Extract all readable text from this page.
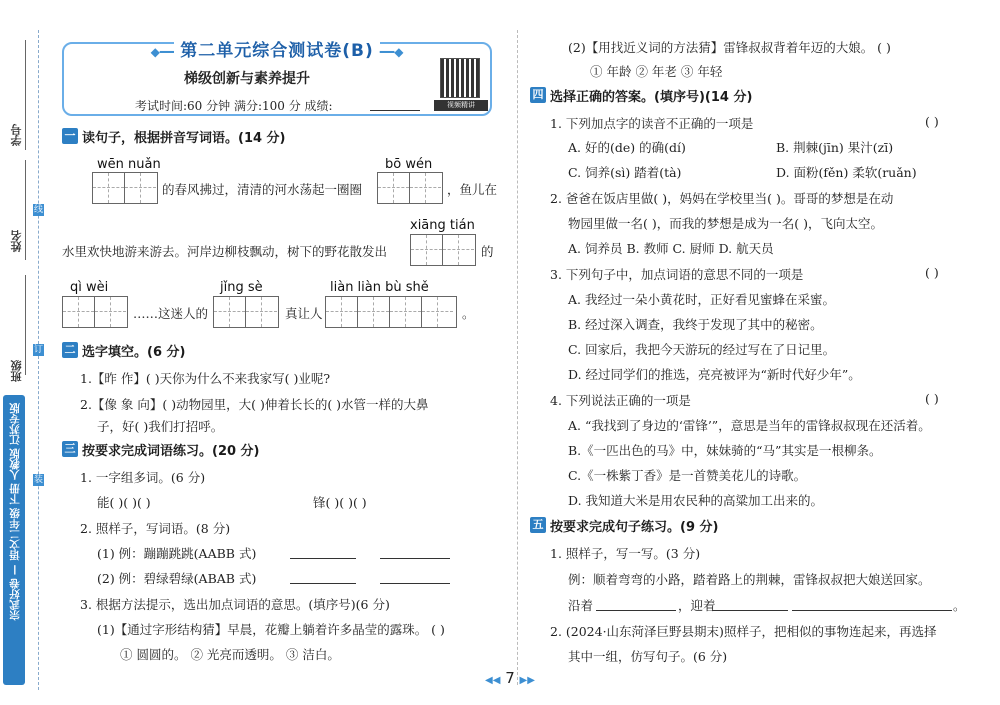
学号
姓名
班级
线
订
装
宗武好卷 — 语文二年级 下册 人教版 江苏专版
◆━━ 第二单元综合测试卷(B) ━━◆
梯级创新与素养提升
考试时间:60 分钟 满分:100 分 成绩:	视频精讲
一 读句子，根据拼音写词语。(14 分)
wēn nuǎn
的春风拂过，清清的河水荡起一圈圈
bō wén
，鱼儿在
xiāng tián
水里欢快地游来游去。河岸边柳枝飘动，树下的野花散发出	的
qì wèi
……这迷人的
jǐng sè
真让人
liàn liàn bù shě
。
二 选字填空。(6 分)
1.【昨 作】( )天你为什么不来我家写( )业呢?
2.【像 象 向】( )动物园里，大( )伸着长长的( )水管一样的大鼻
子，好( )我们打招呼。
三 按要求完成词语练习。(20 分)
1. 一字组多词。(6 分)
能( )( )( )	锋( )( )( )
2. 照样子，写词语。(8 分)
(1) 例：蹦蹦跳跳(AABB 式)
(2) 例：碧绿碧绿(ABAB 式)
3. 根据方法提示，选出加点词语的意思。(填序号)(6 分)
(1)【通过字形结构猜】早晨，花瓣上躺着许多晶莹的露珠。 ( )
① 圆圆的。 ② 光亮而透明。 ③ 洁白。
(2)【用找近义词的方法猜】雷锋叔叔背着年迈的大娘。 ( )
① 年龄 ② 年老 ③ 年轻
四 选择正确的答案。(填序号)(14 分)
1. 下列加点字的读音不正确的一项是	( )
A. 好的(de) 的确(dí)	B. 荆棘(jīn) 果汁(zī)
C. 饲养(sì) 踏着(tà)	D. 面粉(fěn) 柔软(ruǎn)
2. 爸爸在饭店里做( )，妈妈在学校里当( )。哥哥的梦想是在动
物园里做一名( )，而我的梦想是成为一名( )，飞向太空。
A. 饲养员 B. 教师 C. 厨师 D. 航天员
3. 下列句子中，加点词语的意思不同的一项是	( )
A. 我经过一朵小黄花时，正好看见蜜蜂在采蜜。
B. 经过深入调查，我终于发现了其中的秘密。
C. 回家后，我把今天游玩的经过写在了日记里。
D. 经过同学们的推选，亮亮被评为“新时代好少年”。
4. 下列说法正确的一项是	( )
A. “我找到了身边的‘雷锋’”，意思是当年的雷锋叔叔现在还活着。
B.《一匹出色的马》中，妹妹骑的“马”其实是一根柳条。
C.《一株紫丁香》是一首赞美花儿的诗歌。
D. 我知道大米是用农民种的高粱加工出来的。
五 按要求完成句子练习。(9 分)
1. 照样子，写一写。(3 分)
例：顺着弯弯的小路，踏着路上的荆棘，雷锋叔叔把大娘送回家。
沿着	，迎着	。
2. (2024·山东菏泽巨野县期末)照样子，把相似的事物连起来，再选择
其中一组，仿写句子。(6 分)
◀◀ 7 ▶▶
